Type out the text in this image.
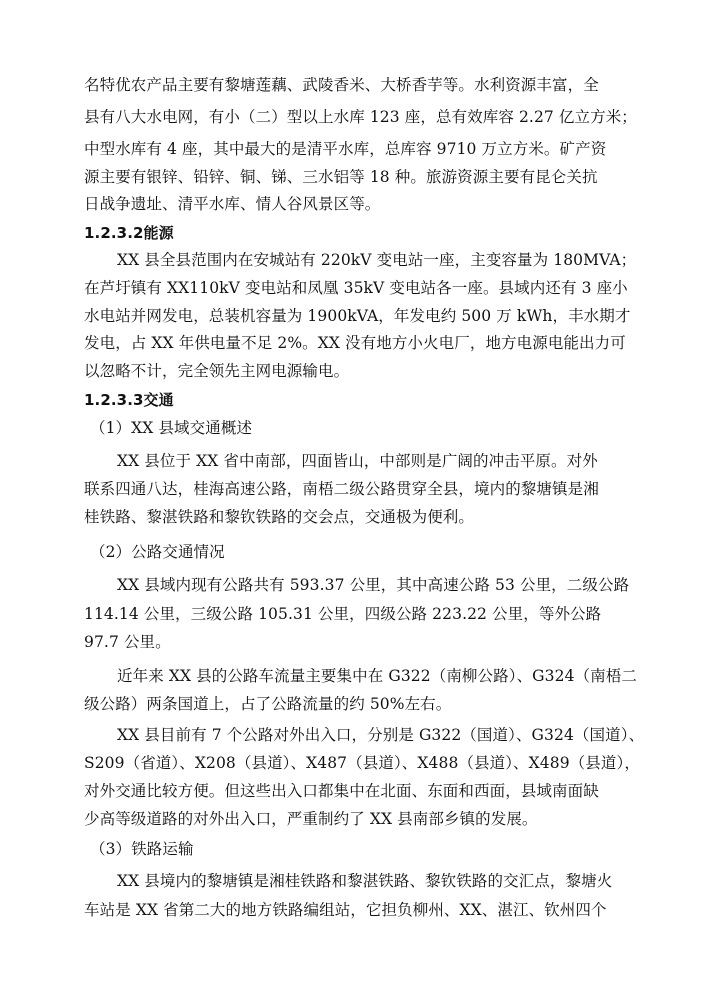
名特优农产品主要有黎塘莲藕、武陵香米、大桥香芋等。水利资源丰富，全
县有八大水电网，有小（二）型以上水库 123 座，总有效库容 2.27 亿立方米；
中型水库有 4 座，其中最大的是清平水库，总库容 9710 万立方米。矿产资
源主要有银锌、铅锌、铜、锑、三水铝等 18 种。旅游资源主要有昆仑关抗
日战争遗址、清平水库、情人谷风景区等。
1.2.3.2能源
XX 县全县范围内在安城站有 220kV 变电站一座，主变容量为 180MVA；
在芦圩镇有 XX110kV 变电站和凤凰 35kV 变电站各一座。县域内还有 3 座小
水电站并网发电，总装机容量为 1900kVA，年发电约 500 万 kWh，丰水期才
发电，占 XX 年供电量不足 2%。XX 没有地方小火电厂，地方电源电能出力可
以忽略不计，完全领先主网电源输电。
1.2.3.3交通
（1）XX 县域交通概述
XX 县位于 XX 省中南部，四面皆山，中部则是广阔的冲击平原。对外
联系四通八达，桂海高速公路，南梧二级公路贯穿全县，境内的黎塘镇是湘
桂铁路、黎湛铁路和黎钦铁路的交会点，交通极为便利。
（2）公路交通情况
XX 县域内现有公路共有 593.37 公里，其中高速公路 53 公里，二级公路
114.14 公里，三级公路 105.31 公里，四级公路 223.22 公里，等外公路
97.7 公里。
近年来 XX 县的公路车流量主要集中在 G322（南柳公路）、G324（南梧二
级公路）两条国道上，占了公路流量的约 50%左右。
XX 县目前有 7 个公路对外出入口，分别是 G322（国道）、G324（国道）、
S209（省道）、X208（县道）、X487（县道）、X488（县道）、X489（县道），
对外交通比较方便。但这些出入口都集中在北面、东面和西面，县域南面缺
少高等级道路的对外出入口，严重制约了 XX 县南部乡镇的发展。
（3）铁路运输
XX 县境内的黎塘镇是湘桂铁路和黎湛铁路、黎钦铁路的交汇点，黎塘火
车站是 XX 省第二大的地方铁路编组站，它担负柳州、XX、湛江、钦州四个
